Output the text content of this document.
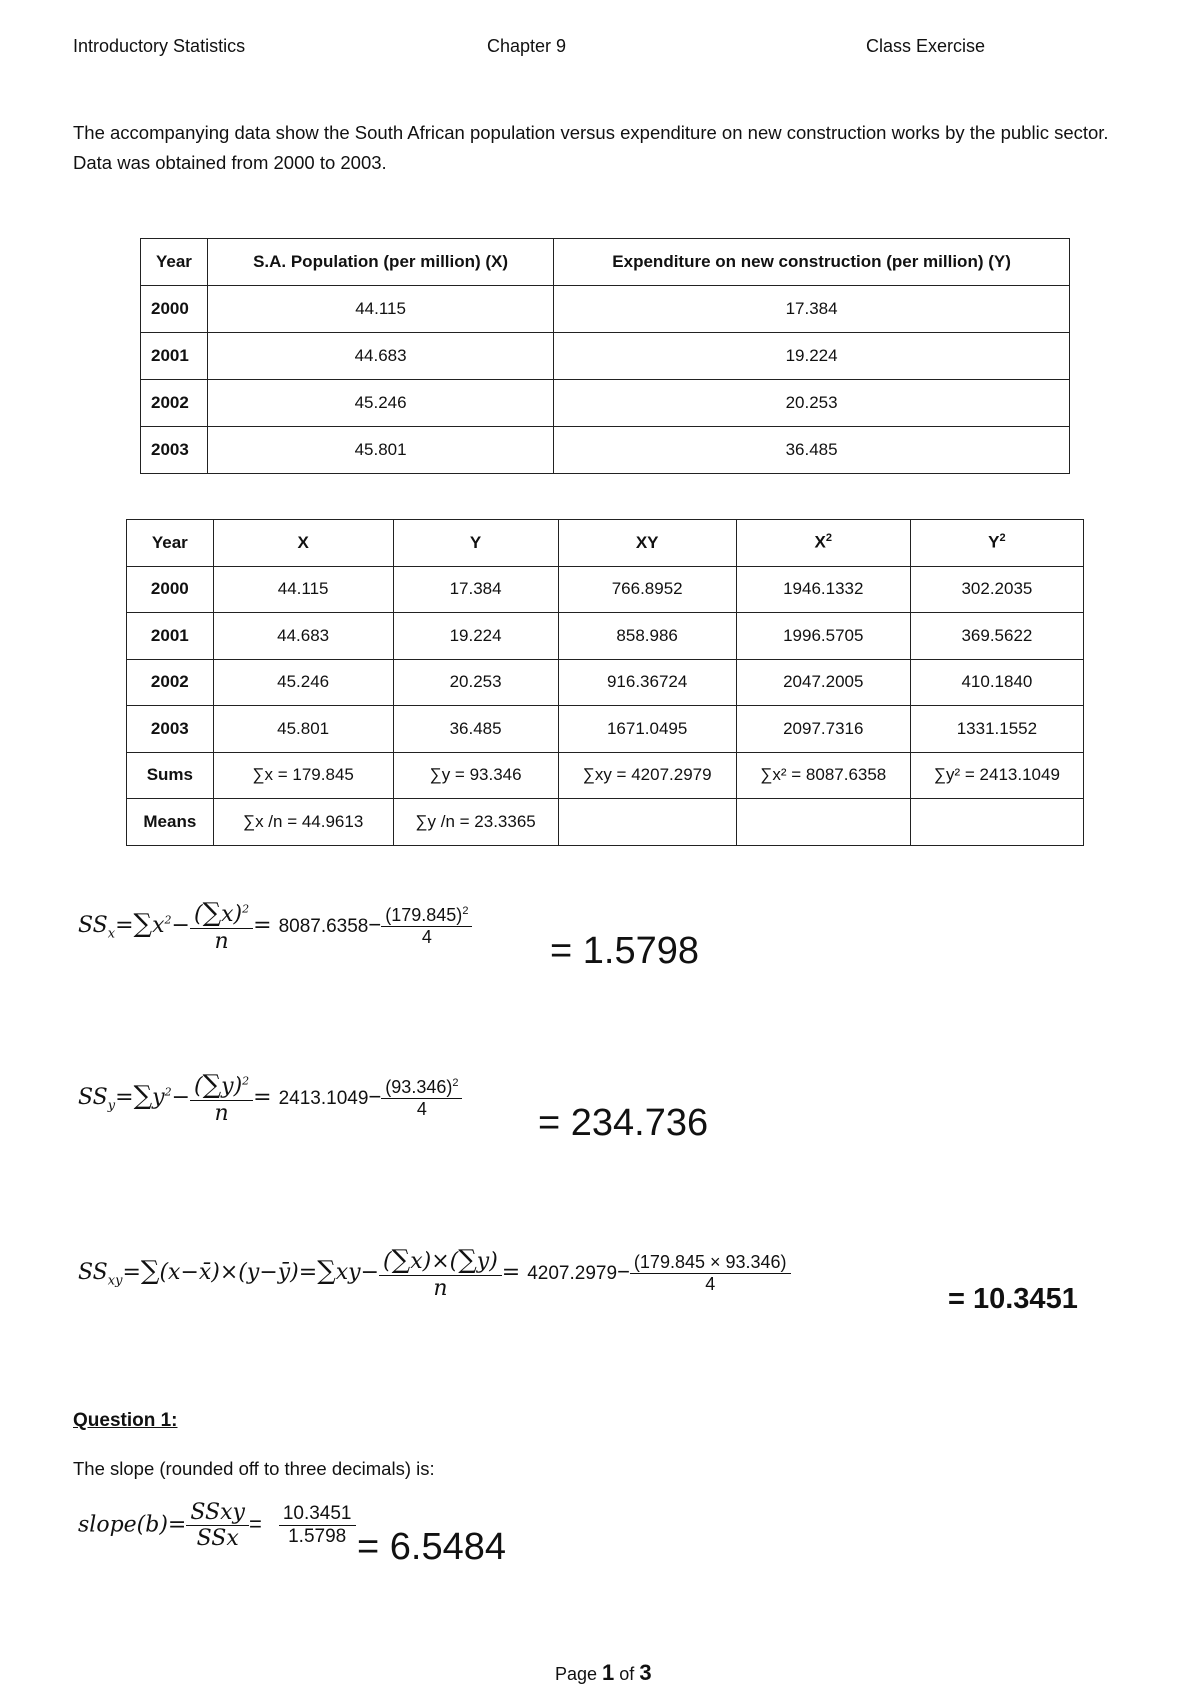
Introductory Statistics	Chapter 9	Class Exercise
The accompanying data show the South African population versus expenditure on new construction works by the public sector. Data was obtained from 2000 to 2003.
Year	S.A. Population (per million) (X)	Expenditure on new construction (per million) (Y)
2000	44.115	17.384
2001	44.683	19.224
2002	45.246	20.253
2003	45.801	36.485
Year	X	Y	XY	$X^2$	$Y^2$
2000	44.115	17.384	766.8952	1946.1332	302.2035
2001	44.683	19.224	858.986	1996.5705	369.5622
2002	45.246	20.253	916.36724	2047.2005	410.1840
2003	45.801	36.485	1671.0495	2097.7316	1331.1552
Sums	∑x = 179.845	∑y = 93.346	∑xy = 4207.2979	∑x² = 8087.6358	∑y² = 2413.1049
Means	∑x /n = 44.9613	∑y /n = 23.3365			
$SS_x=\sum x^2- \frac{(\sum x)^2}{n} = 8087.6358- \frac{(179.845)^2}{4}$
= 1.5798
$SS_y=\sum y^2- \frac{(\sum y)^2}{n} = 2413.1049- \frac{(93.346)^2}{4}$
= 234.736
$SS_{xy}=\sum(x-x̄)\times(y-ȳ)=\sum xy- \frac{(\sum x)\times(\sum y)}{n} = 4207.2979- \frac{(179.845 \times 93.346)}{4}$
= 10.3451
Question 1:
The slope (rounded off to three decimals) is:
slope(b)= $\frac{\text{SSxy}}{\text{SSx}} = \frac{10.3451}{1.5798} = 6.5484$
Page 1 of 3
